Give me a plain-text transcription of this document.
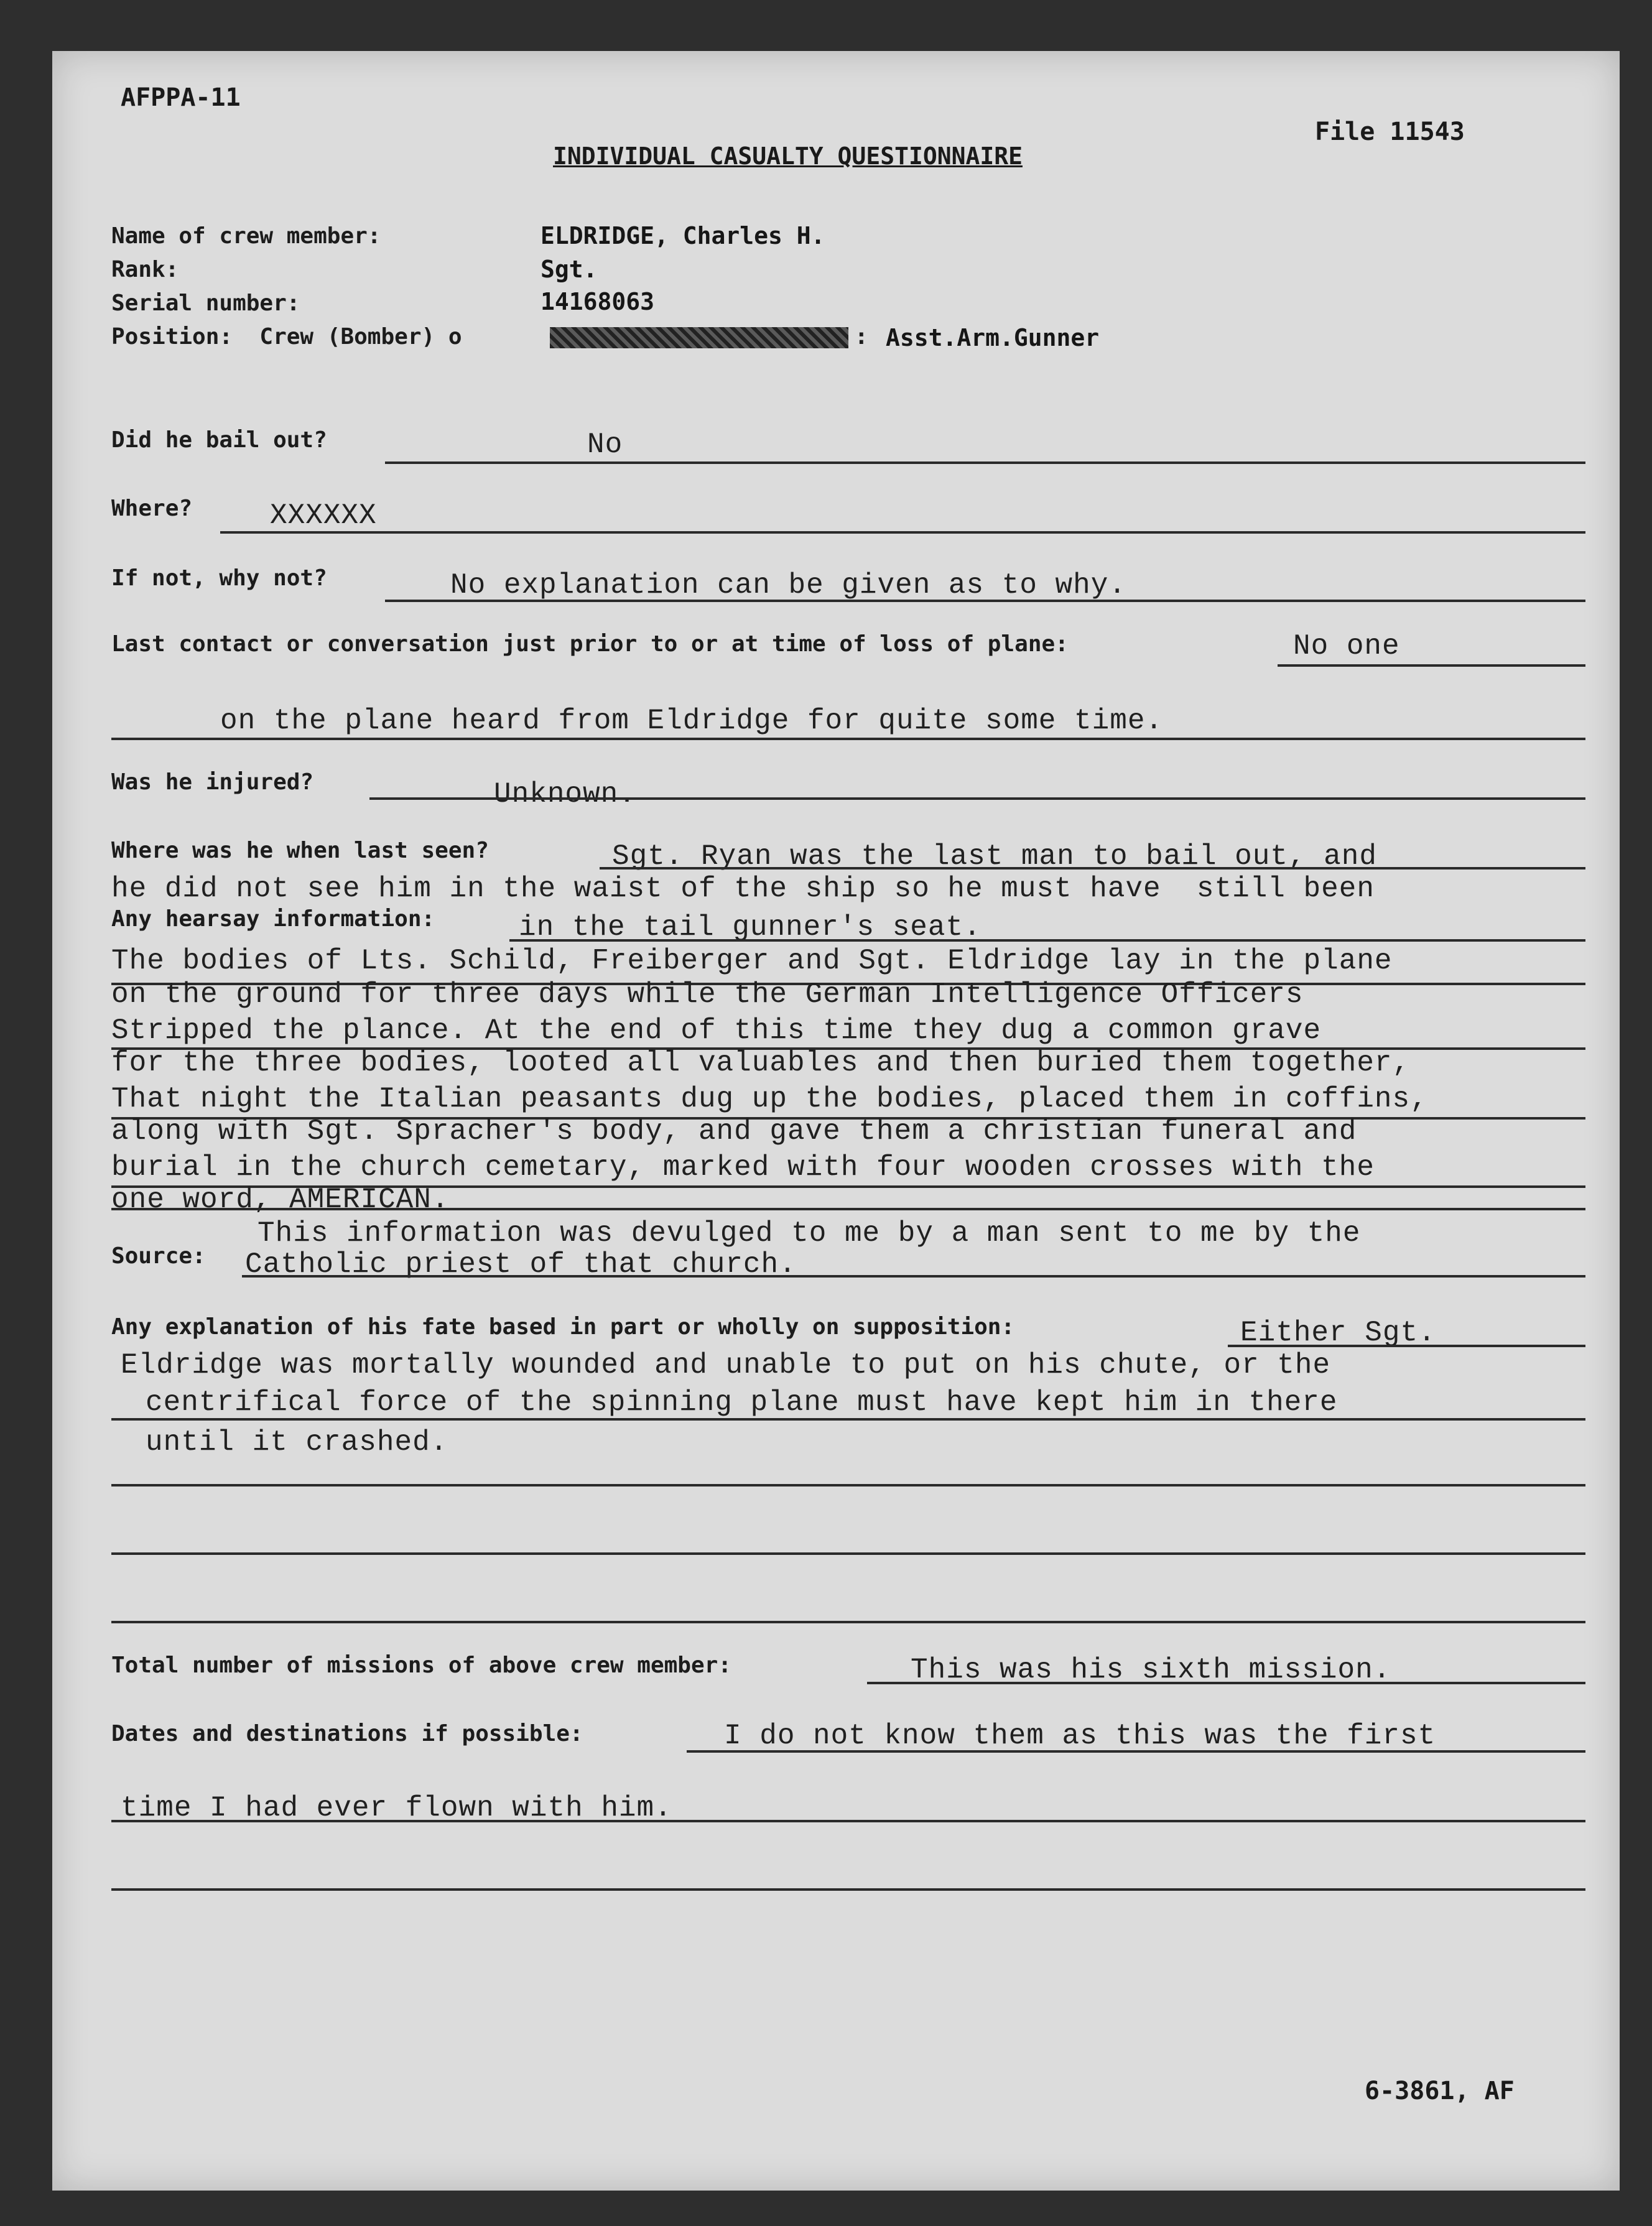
AFPPA-11
INDIVIDUAL CASUALTY QUESTIONNAIRE
File 11543
Name of crew member:	ELDRIDGE, Charles H.
Rank:	Sgt.
Serial number:	14168063
Position:  Crew (Bomber) o	: Asst.Arm.Gunner
Did he bail out?	No
Where?	XXXXXX
If not, why not?	No explanation can be given as to why.
Last contact or conversation just prior to or at time of loss of plane:	No one
on the plane heard from Eldridge for quite some time.
Was he injured?	Unknown.
Where was he when last seen?	Sgt. Ryan was the last man to bail out, and
he did not see him in the waist of the ship so he must have  still been
Any hearsay information:	in the tail gunner's seat.
The bodies of Lts. Schild, Freiberger and Sgt. Eldridge lay in the plane
on the ground for three days while the German Intelligence Officers
Stripped the plance. At the end of this time they dug a common grave
for the three bodies, looted all valuables and then buried them together,
That night the Italian peasants dug up the bodies, placed them in coffins,
along with Sgt. Spracher's body, and gave them a christian funeral and
burial in the church cemetary, marked with four wooden crosses with the
one word, AMERICAN.
This information was devulged to me by a man sent to me by the
Source: Catholic priest of that church.
Any explanation of his fate based in part or wholly on supposition:	Either Sgt.
Eldridge was mortally wounded and unable to put on his chute, or the
centrifical force of the spinning plane must have kept him in there
until it crashed.
Total number of missions of above crew member:	This was his sixth mission.
Dates and destinations if possible:	I do not know them as this was the first
time I had ever flown with him.
6-3861, AF
